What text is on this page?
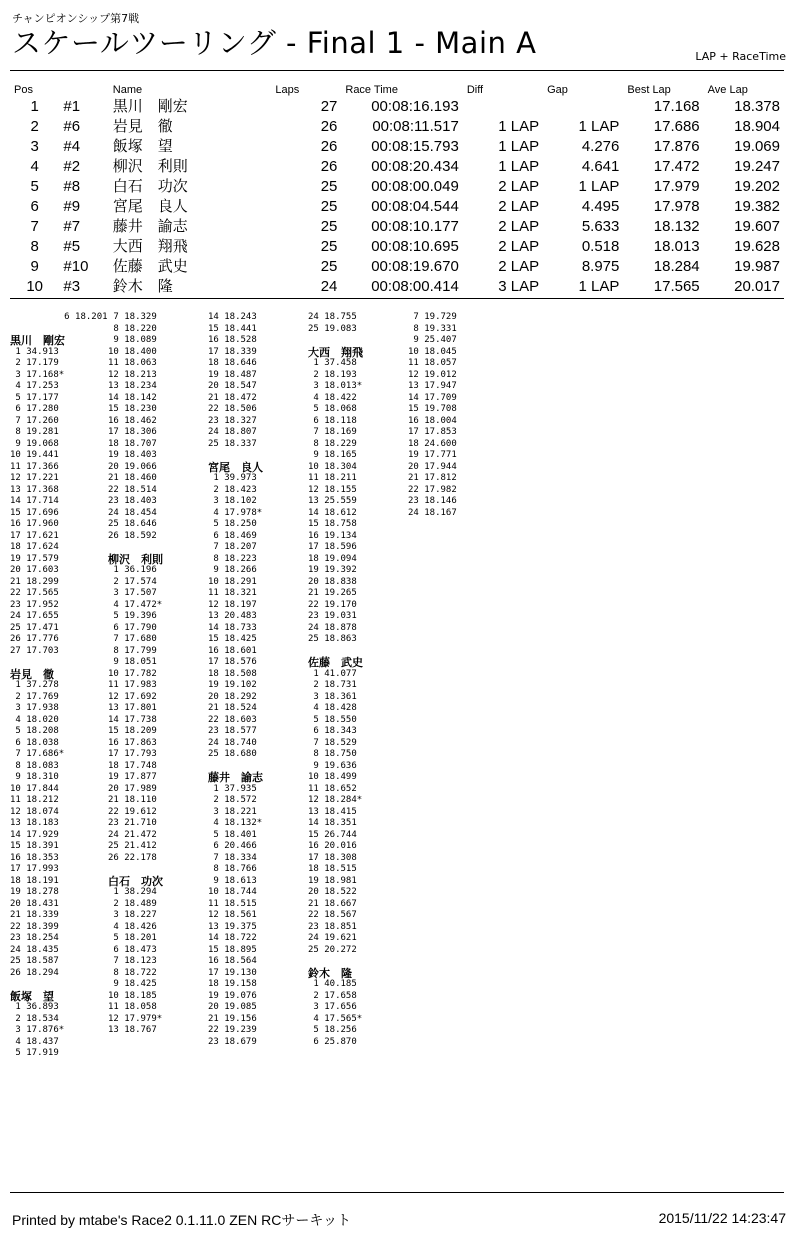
チャンピオンシップ第7戦
スケールツーリング - Final 1 - Main A	LAP + RaceTime
Pos		Name	Laps	Race Time	Diff	Gap	Best Lap	Ave Lap
1	#1	黒川　剛宏	27	00:08:16.193			17.168	18.378
2	#6	岩見　徹	26	00:08:11.517	1 LAP	1 LAP	17.686	18.904
3	#4	飯塚　望	26	00:08:15.793	1 LAP	4.276	17.876	19.069
4	#2	柳沢　利則	26	00:08:20.434	1 LAP	4.641	17.472	19.247
5	#8	白石　功次	25	00:08:00.049	2 LAP	1 LAP	17.979	19.202
6	#9	宮尾　良人	25	00:08:04.544	2 LAP	4.495	17.978	19.382
7	#7	藤井　諭志	25	00:08:10.177	2 LAP	5.633	18.132	19.607
8	#5	大西　翔飛	25	00:08:10.695	2 LAP	0.518	18.013	19.628
9	#10	佐藤　武史	25	00:08:19.670	2 LAP	8.975	18.284	19.987
10	#3	鈴木　隆	24	00:08:00.414	3 LAP	1 LAP	17.565	20.017
6 18.201
黒川　剛宏
1 34.913
2 17.179
3 17.168*
4 17.253
5 17.177
6 17.280
7 17.260
8 19.281
9 19.068
10 19.441
11 17.366
12 17.221
13 17.368
14 17.714
15 17.696
16 17.960
17 17.621
18 17.624
19 17.579
20 17.603
21 18.299
22 17.565
23 17.952
24 17.655
25 17.471
26 17.776
27 17.703
岩見　徹
1 37.278
2 17.769
3 17.938
4 18.020
5 18.208
6 18.038
7 17.686*
8 18.083
9 18.310
10 17.844
11 18.212
12 18.074
13 18.183
14 17.929
15 18.391
16 18.353
17 17.993
18 18.191
19 18.278
20 18.431
21 18.339
22 18.399
23 18.254
24 18.435
25 18.587
26 18.294
飯塚　望
1 36.893
2 18.534
3 17.876*
4 18.437
5 17.919
7 18.329
8 18.220
9 18.089
10 18.400
11 18.063
12 18.213
13 18.234
14 18.142
15 18.230
16 18.462
17 18.306
18 18.707
19 18.403
20 19.066
21 18.460
22 18.514
23 18.403
24 18.454
25 18.646
26 18.592
柳沢　利則
1 36.196
2 17.574
3 17.507
4 17.472*
5 19.396
6 17.790
7 17.680
8 17.799
9 18.051
10 17.782
11 17.983
12 17.692
13 17.801
14 17.738
15 18.209
16 17.863
17 17.793
18 17.748
19 17.877
20 17.989
21 18.110
22 19.612
23 21.710
24 21.472
25 21.412
26 22.178
白石　功次
1 38.294
2 18.489
3 18.227
4 18.426
5 18.201
6 18.473
7 18.123
8 18.722
9 18.425
10 18.185
11 18.058
12 17.979*
13 18.767
14 18.243
15 18.441
16 18.528
17 18.339
18 18.646
19 18.487
20 18.547
21 18.472
22 18.506
23 18.327
24 18.807
25 18.337
宮尾　良人
1 39.973
2 18.423
3 18.102
4 17.978*
5 18.250
6 18.469
7 18.207
8 18.223
9 18.266
10 18.291
11 18.321
12 18.197
13 20.483
14 18.733
15 18.425
16 18.601
17 18.576
18 18.508
19 19.102
20 18.292
21 18.524
22 18.603
23 18.577
24 18.740
25 18.680
藤井　諭志
1 37.935
2 18.572
3 18.221
4 18.132*
5 18.401
6 20.466
7 18.334
8 18.766
9 18.613
10 18.744
11 18.515
12 18.561
13 19.375
14 18.722
15 18.895
16 18.564
17 19.130
18 19.158
19 19.076
20 19.085
21 19.156
22 19.239
23 18.679
24 18.755
25 19.083
大西　翔飛
1 37.458
2 18.193
3 18.013*
4 18.422
5 18.068
6 18.118
7 18.169
8 18.229
9 18.165
10 18.304
11 18.211
12 18.155
13 25.559
14 18.612
15 18.758
16 19.134
17 18.596
18 19.094
19 19.392
20 18.838
21 19.265
22 19.170
23 19.031
24 18.878
25 18.863
佐藤　武史
1 41.077
2 18.731
3 18.361
4 18.428
5 18.550
6 18.343
7 18.529
8 18.750
9 19.636
10 18.499
11 18.652
12 18.284*
13 18.415
14 18.351
15 26.744
16 20.016
17 18.308
18 18.515
19 18.981
20 18.522
21 18.667
22 18.567
23 18.851
24 19.621
25 20.272
鈴木　隆
1 40.185
2 17.658
3 17.656
4 17.565*
5 18.256
6 25.870
7 19.729
8 19.331
9 25.407
10 18.045
11 18.057
12 19.012
13 17.947
14 17.709
15 19.708
16 18.004
17 17.853
18 24.600
19 17.771
20 17.944
21 17.812
22 17.982
23 18.146
24 18.167
Printed by mtabe's Race2 0.1.11.0 ZEN RCサーキット	2015/11/22 14:23:47
